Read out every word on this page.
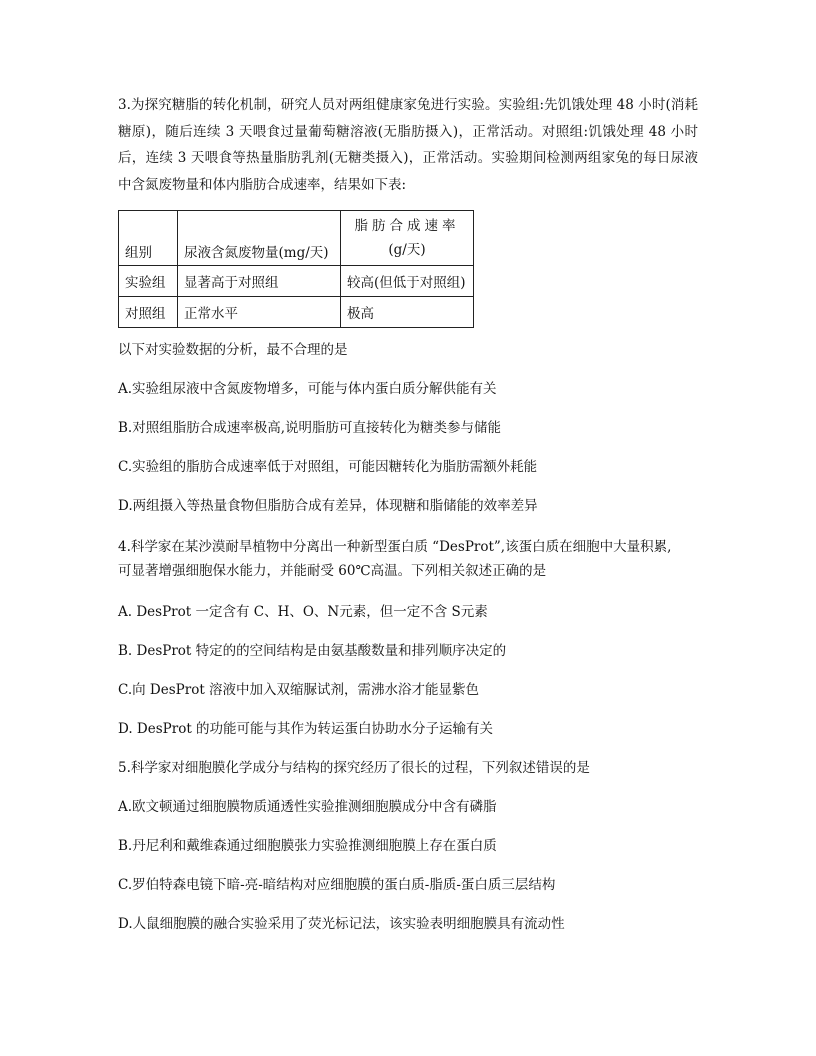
3.为探究糖脂的转化机制，研究人员对两组健康家兔进行实验。实验组:先饥饿处理 48 小时(消耗糖原)，随后连续 3 天喂食过量葡萄糖溶液(无脂肪摄入)，正常活动。对照组:饥饿处理 48 小时后，连续 3 天喂食等热量脂肪乳剂(无糖类摄入)，正常活动。实验期间检测两组家兔的每日尿液中含氮废物量和体内脂肪合成速率，结果如下表:

组别	尿液含氮废物量(mg/天)	脂肪合成速率
(g/天)

实验组	显著高于对照组	较高(但低于对照组)
对照组	正常水平	极高

以下对实验数据的分析，最不合理的是

A.实验组尿液中含氮废物增多，可能与体内蛋白质分解供能有关

B.对照组脂肪合成速率极高,说明脂肪可直接转化为糖类参与储能

C.实验组的脂肪合成速率低于对照组，可能因糖转化为脂肪需额外耗能

D.两组摄入等热量食物但脂肪合成有差异，体现糖和脂储能的效率差异

4.科学家在某沙漠耐旱植物中分离出一种新型蛋白质 “DesProt”,该蛋白质在细胞中大量积累,

可显著增强细胞保水能力，并能耐受 60℃高温。下列相关叙述正确的是

A. DesProt 一定含有 C、H、O、N元素，但一定不含 S元素

B. DesProt 特定的的空间结构是由氨基酸数量和排列顺序决定的

C.向 DesProt 溶液中加入双缩脲试剂，需沸水浴才能显紫色

D. DesProt 的功能可能与其作为转运蛋白协助水分子运输有关

5.科学家对细胞膜化学成分与结构的探究经历了很长的过程，下列叙述错误的是

A.欧文顿通过细胞膜物质通透性实验推测细胞膜成分中含有磷脂

B.丹尼利和戴维森通过细胞膜张力实验推测细胞膜上存在蛋白质

C.罗伯特森电镜下暗-亮-暗结构对应细胞膜的蛋白质-脂质-蛋白质三层结构

D.人鼠细胞膜的融合实验采用了荧光标记法，该实验表明细胞膜具有流动性
